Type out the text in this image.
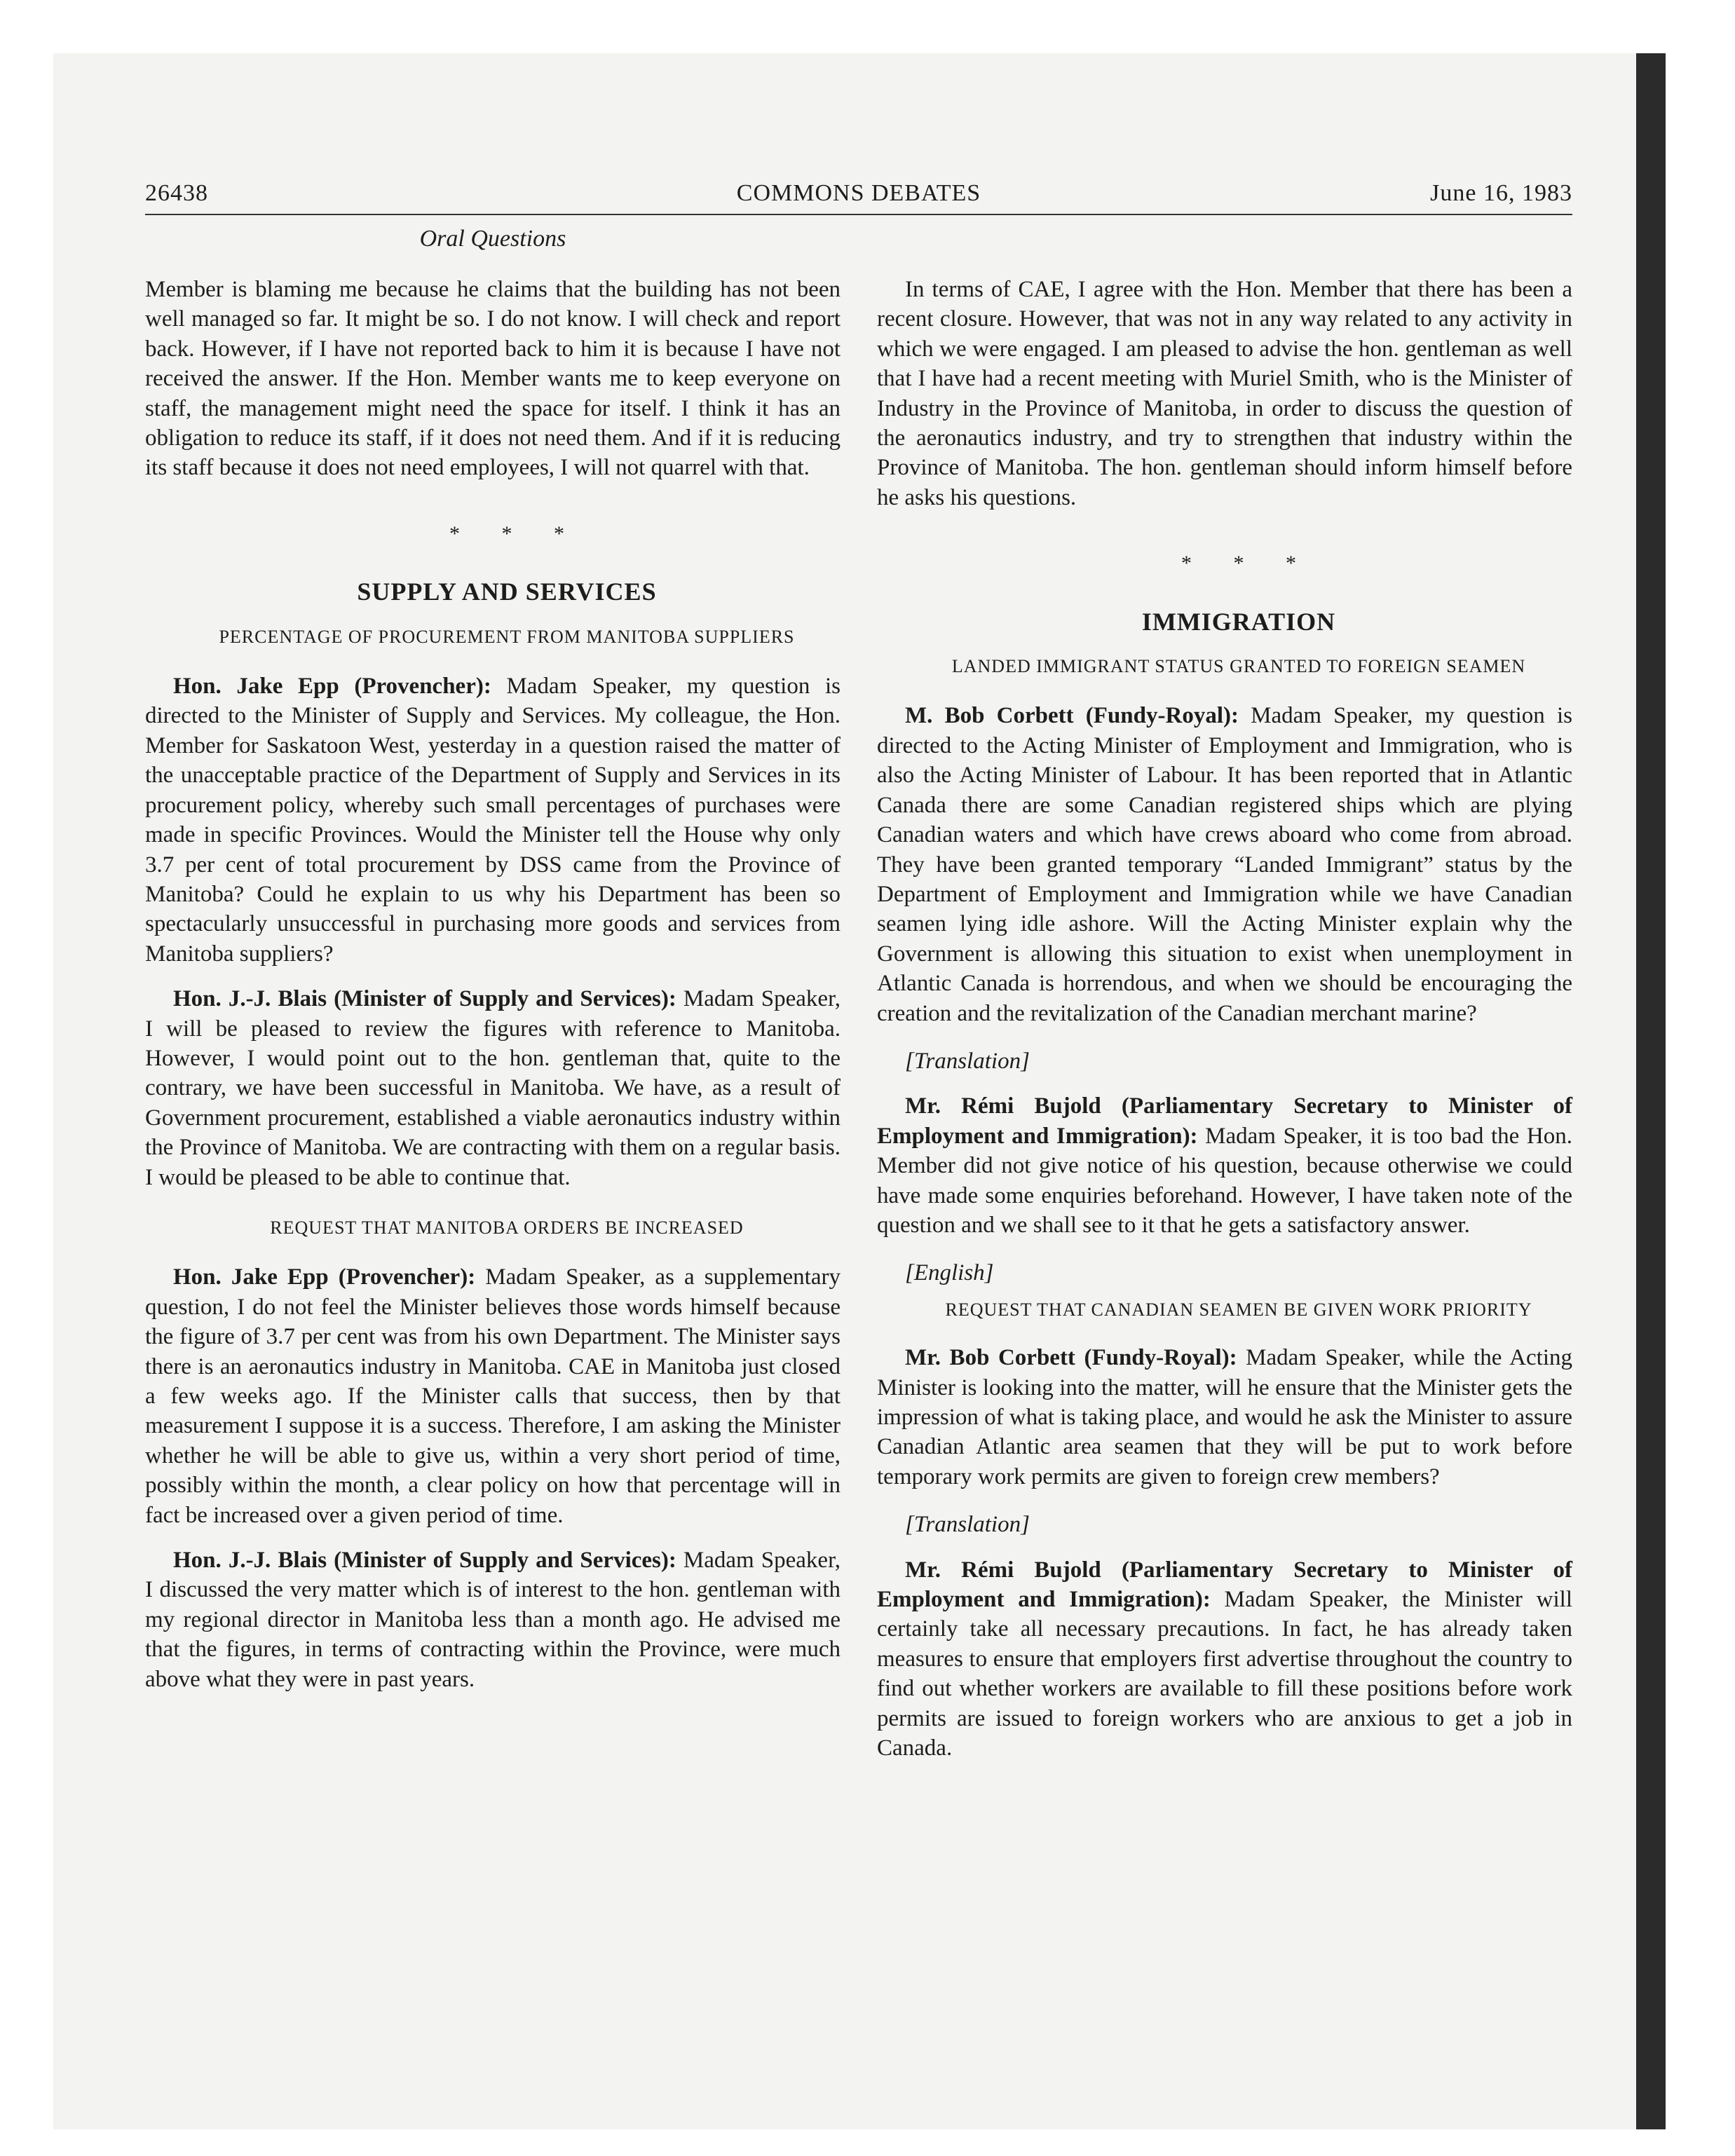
26438	COMMONS DEBATES	June 16, 1983
Oral Questions

Member is blaming me because he claims that the building has not been well managed so far. It might be so. I do not know. I will check and report back. However, if I have not reported back to him it is because I have not received the answer. If the Hon. Member wants me to keep everyone on staff, the management might need the space for itself. I think it has an obligation to reduce its staff, if it does not need them. And if it is reducing its staff because it does not need employees, I will not quarrel with that.

* * *

SUPPLY AND SERVICES

PERCENTAGE OF PROCUREMENT FROM MANITOBA SUPPLIERS

Hon. Jake Epp (Provencher): Madam Speaker, my question is directed to the Minister of Supply and Services. My colleague, the Hon. Member for Saskatoon West, yesterday in a question raised the matter of the unacceptable practice of the Department of Supply and Services in its procurement policy, whereby such small percentages of purchases were made in specific Provinces. Would the Minister tell the House why only 3.7 per cent of total procurement by DSS came from the Province of Manitoba? Could he explain to us why his Department has been so spectacularly unsuccessful in purchasing more goods and services from Manitoba suppliers?

Hon. J.-J. Blais (Minister of Supply and Services): Madam Speaker, I will be pleased to review the figures with reference to Manitoba. However, I would point out to the hon. gentleman that, quite to the contrary, we have been successful in Manitoba. We have, as a result of Government procurement, established a viable aeronautics industry within the Province of Manitoba. We are contracting with them on a regular basis. I would be pleased to be able to continue that.

REQUEST THAT MANITOBA ORDERS BE INCREASED

Hon. Jake Epp (Provencher): Madam Speaker, as a supplementary question, I do not feel the Minister believes those words himself because the figure of 3.7 per cent was from his own Department. The Minister says there is an aeronautics industry in Manitoba. CAE in Manitoba just closed a few weeks ago. If the Minister calls that success, then by that measurement I suppose it is a success. Therefore, I am asking the Minister whether he will be able to give us, within a very short period of time, possibly within the month, a clear policy on how that percentage will in fact be increased over a given period of time.

Hon. J.-J. Blais (Minister of Supply and Services): Madam Speaker, I discussed the very matter which is of interest to the hon. gentleman with my regional director in Manitoba less than a month ago. He advised me that the figures, in terms of contracting within the Province, were much above what they were in past years.

In terms of CAE, I agree with the Hon. Member that there has been a recent closure. However, that was not in any way related to any activity in which we were engaged. I am pleased to advise the hon. gentleman as well that I have had a recent meeting with Muriel Smith, who is the Minister of Industry in the Province of Manitoba, in order to discuss the question of the aeronautics industry, and try to strengthen that industry within the Province of Manitoba. The hon. gentleman should inform himself before he asks his questions.

* * *

IMMIGRATION

LANDED IMMIGRANT STATUS GRANTED TO FOREIGN SEAMEN

M. Bob Corbett (Fundy-Royal): Madam Speaker, my question is directed to the Acting Minister of Employment and Immigration, who is also the Acting Minister of Labour. It has been reported that in Atlantic Canada there are some Canadian registered ships which are plying Canadian waters and which have crews aboard who come from abroad. They have been granted temporary “Landed Immigrant” status by the Department of Employment and Immigration while we have Canadian seamen lying idle ashore. Will the Acting Minister explain why the Government is allowing this situation to exist when unemployment in Atlantic Canada is horrendous, and when we should be encouraging the creation and the revitalization of the Canadian merchant marine?

[Translation]

Mr. Rémi Bujold (Parliamentary Secretary to Minister of Employment and Immigration): Madam Speaker, it is too bad the Hon. Member did not give notice of his question, because otherwise we could have made some enquiries beforehand. However, I have taken note of the question and we shall see to it that he gets a satisfactory answer.

[English]

REQUEST THAT CANADIAN SEAMEN BE GIVEN WORK PRIORITY

Mr. Bob Corbett (Fundy-Royal): Madam Speaker, while the Acting Minister is looking into the matter, will he ensure that the Minister gets the impression of what is taking place, and would he ask the Minister to assure Canadian Atlantic area seamen that they will be put to work before temporary work permits are given to foreign crew members?

[Translation]

Mr. Rémi Bujold (Parliamentary Secretary to Minister of Employment and Immigration): Madam Speaker, the Minister will certainly take all necessary precautions. In fact, he has already taken measures to ensure that employers first advertise throughout the country to find out whether workers are available to fill these positions before work permits are issued to foreign workers who are anxious to get a job in Canada.
